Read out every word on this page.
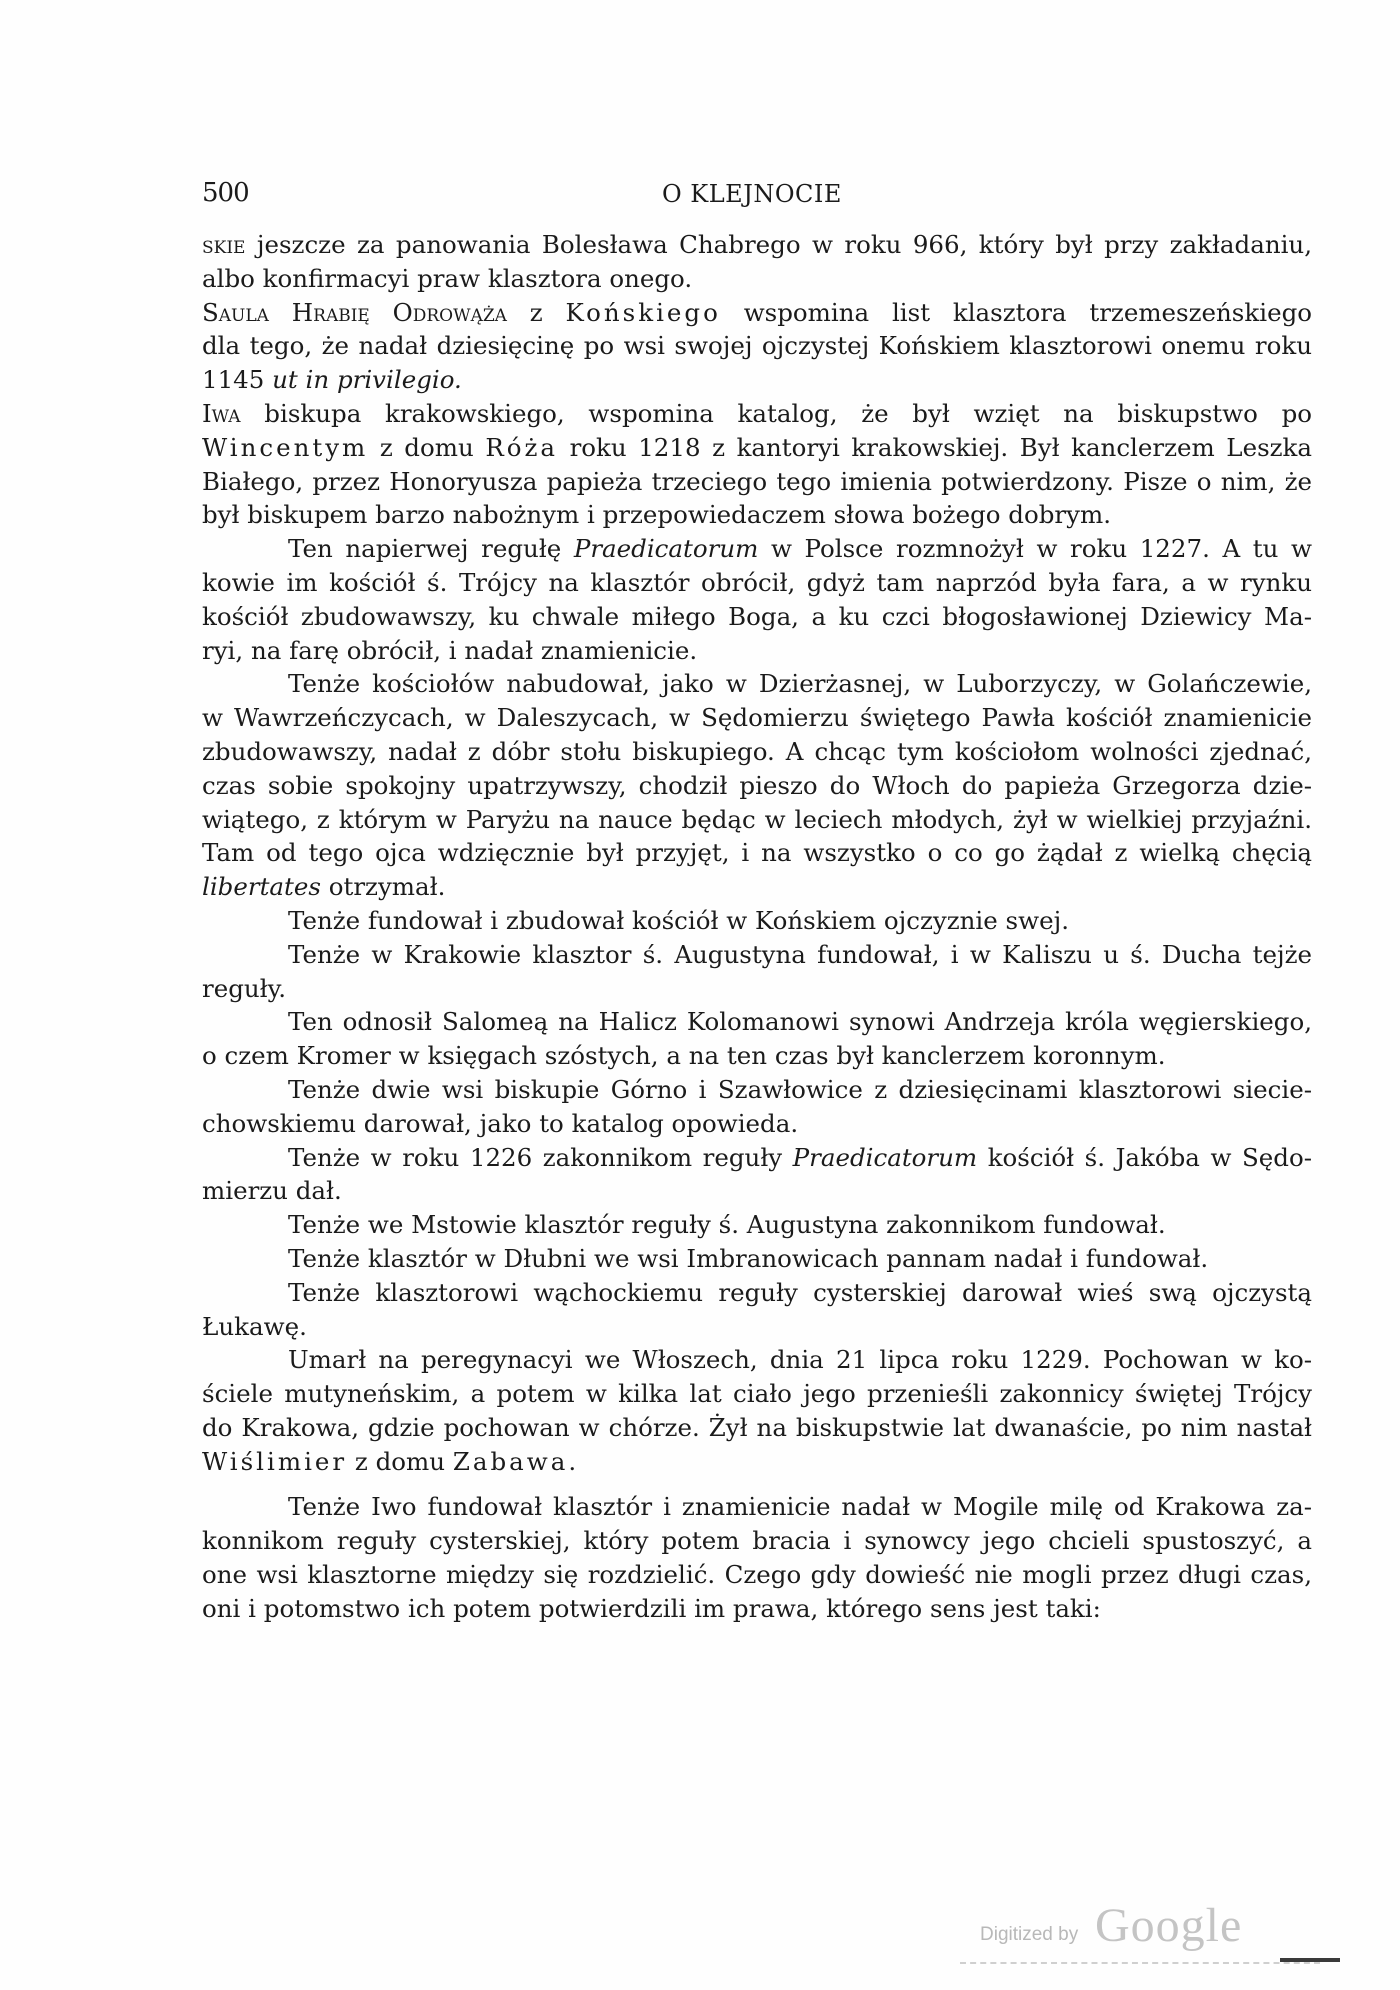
500	O KLEJNOCIE
skie jeszcze za panowania Bolesława Chabrego w roku 966, który był przy zakładaniu,
albo konfirmacyi praw klasztora onego.
Saula Hrabię Odrowąża z Końskiego wspomina list klasztora trzemeszeńskiego
dla tego, że nadał dziesięcinę po wsi swojej ojczystej Końskiem klasztorowi onemu roku
1145 ut in privilegio.
Iwa biskupa krakowskiego, wspomina katalog, że był wzięt na biskupstwo po
Wincentym z domu Róża roku 1218 z kantoryi krakowskiej. Był kanclerzem Leszka
Białego, przez Honoryusza papieża trzeciego tego imienia potwierdzony. Pisze o nim, że
był biskupem barzo nabożnym i przepowiedaczem słowa bożego dobrym.
Ten napierwej regułę Praedicatorum w Polsce rozmnożył w roku 1227. A tu w
kowie im kościół ś. Trójcy na klasztór obrócił, gdyż tam naprzód była fara, a w rynku
kościół zbudowawszy, ku chwale miłego Boga, a ku czci błogosławionej Dziewicy Ma-
ryi, na farę obrócił, i nadał znamienicie.
Tenże kościołów nabudował, jako w Dzierżasnej, w Luborzyczy, w Golańczewie,
w Wawrzeńczycach, w Daleszycach, w Sędomierzu świętego Pawła kościół znamienicie
zbudowawszy, nadał z dóbr stołu biskupiego. A chcąc tym kościołom wolności zjednać,
czas sobie spokojny upatrzywszy, chodził pieszo do Włoch do papieża Grzegorza dzie-
wiątego, z którym w Paryżu na nauce będąc w leciech młodych, żył w wielkiej przyjaźni.
Tam od tego ojca wdzięcznie był przyjęt, i na wszystko o co go żądał z wielką chęcią
libertates otrzymał.
Tenże fundował i zbudował kościół w Końskiem ojczyznie swej.
Tenże w Krakowie klasztor ś. Augustyna fundował, i w Kaliszu u ś. Ducha tejże
reguły.
Ten odnosił Salomeą na Halicz Kolomanowi synowi Andrzeja króla węgierskiego,
o czem Kromer w księgach szóstych, a na ten czas był kanclerzem koronnym.
Tenże dwie wsi biskupie Górno i Szawłowice z dziesięcinami klasztorowi siecie-
chowskiemu darował, jako to katalog opowieda.
Tenże w roku 1226 zakonnikom reguły Praedicatorum kościół ś. Jakóba w Sędo-
mierzu dał.
Tenże we Mstowie klasztór reguły ś. Augustyna zakonnikom fundował.
Tenże klasztór w Dłubni we wsi Imbranowicach pannam nadał i fundował.
Tenże klasztorowi wąchockiemu reguły cysterskiej darował wieś swą ojczystą
Łukawę.
Umarł na peregynacyi we Włoszech, dnia 21 lipca roku 1229. Pochowan w ko-
ściele mutyneńskim, a potem w kilka lat ciało jego przenieśli zakonnicy świętej Trójcy
do Krakowa, gdzie pochowan w chórze. Żył na biskupstwie lat dwanaście, po nim nastał
Wiślimier z domu Zabawa.
Tenże Iwo fundował klasztór i znamienicie nadał w Mogile milę od Krakowa za-
konnikom reguły cysterskiej, który potem bracia i synowcy jego chcieli spustoszyć, a
one wsi klasztorne między się rozdzielić. Czego gdy dowieść nie mogli przez długi czas,
oni i potomstwo ich potem potwierdzili im prawa, którego sens jest taki:
Digitized by Google
